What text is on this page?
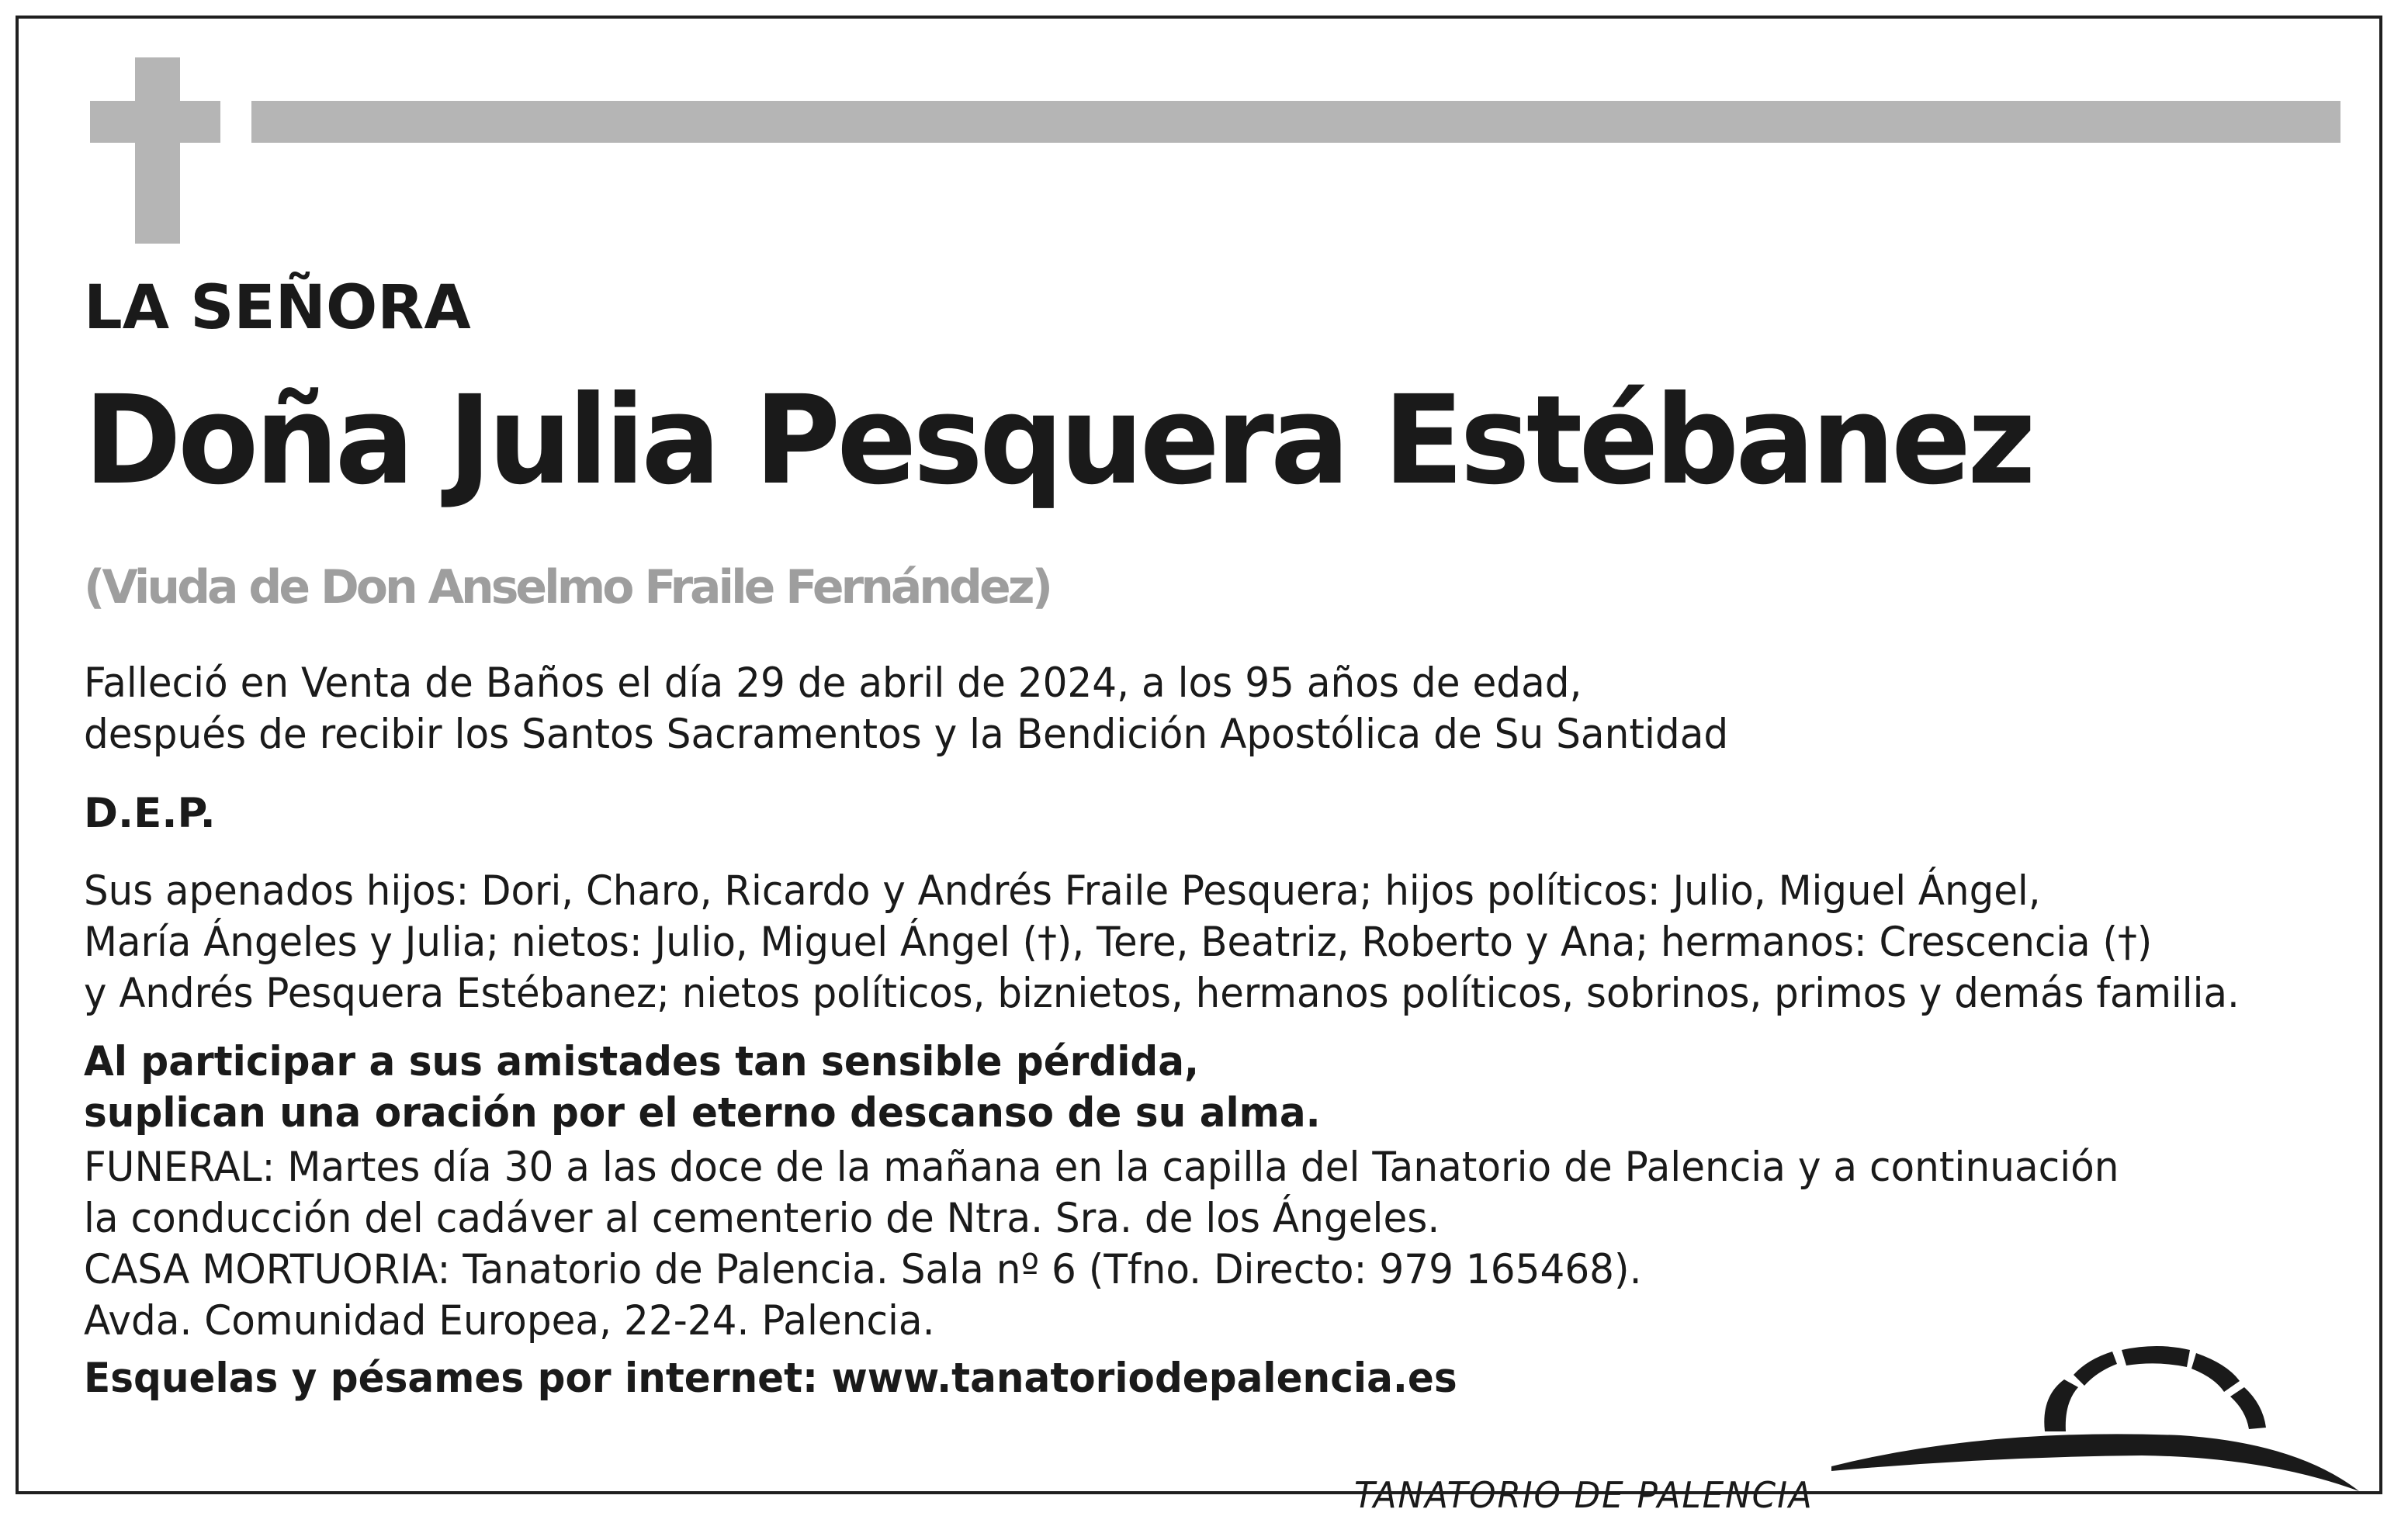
LA SEÑORA

Doña Julia Pesquera Estébanez

(Viuda de Don Anselmo Fraile Fernández)

Falleció en Venta de Baños el día 29 de abril de 2024, a los 95 años de edad,
después de recibir los Santos Sacramentos y la Bendición Apostólica de Su Santidad

D.E.P.

Sus apenados hijos: Dori, Charo, Ricardo y Andrés Fraile Pesquera; hijos políticos: Julio, Miguel Ángel,
María Ángeles y Julia; nietos: Julio, Miguel Ángel (†), Tere, Beatriz, Roberto y Ana; hermanos: Crescencia (†)
y Andrés Pesquera Estébanez; nietos políticos, biznietos, hermanos políticos, sobrinos, primos y demás familia.
Al participar a sus amistades tan sensible pérdida,
suplican una oración por el eterno descanso de su alma.
FUNERAL: Martes día 30 a las doce de la mañana en la capilla del Tanatorio de Palencia y a continuación
la conducción del cadáver al cementerio de Ntra. Sra. de los Ángeles.
CASA MORTUORIA: Tanatorio de Palencia. Sala nº 6 (Tfno. Directo: 979 165468).
Avda. Comunidad Europea, 22-24. Palencia.

Esquelas y pésames por internet: www.tanatoriodepalencia.es

TANATORIO DE PALENCIA
